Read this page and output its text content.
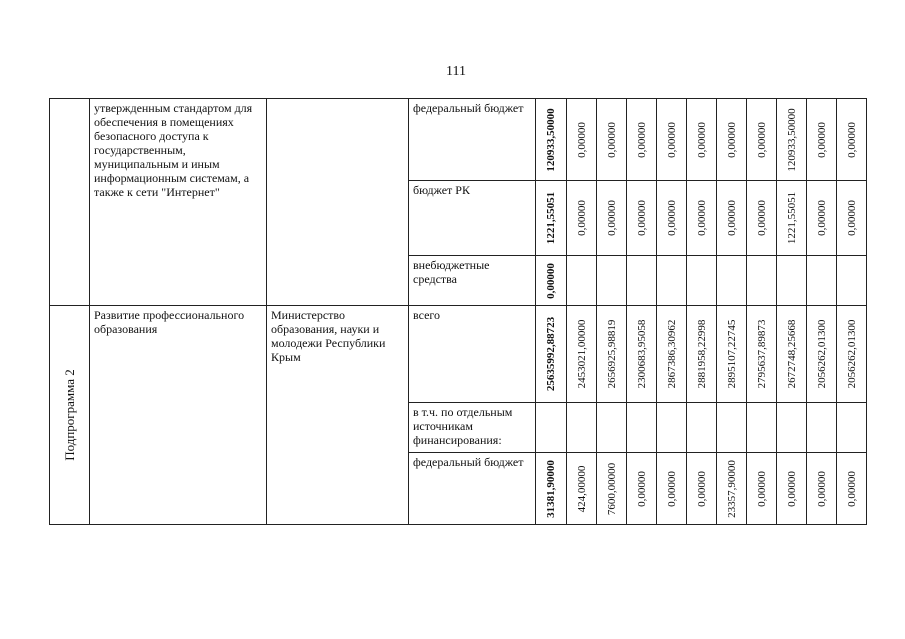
111
	утвержденным стандартом для обеспечения в помещениях безопасного доступа к государственным, муниципальным и иным информационным системам, а также к сети "Интернет"		федеральный бюджет	120933,50000	0,00000	0,00000	0,00000	0,00000	0,00000	0,00000	0,00000	120933,50000	0,00000	0,00000

			бюджет РК	1221,55051	0,00000	0,00000	0,00000	0,00000	0,00000	0,00000	0,00000	1221,55051	0,00000	0,00000

			внебюджетные средства	0,00000										

Подпрограмма 2	Развитие профессионального образования	Министерство образования, науки и молодежи Республики Крым	всего	25635992,88723	2453021,00000	2656925,98819	2300683,95058	2867386,30962	2881958,22998	2895107,22745	2795637,89873	2672748,25668	2056262,01300	2056262,01300

			в т.ч. по отдельным источникам финансирования:											
			федеральный бюджет	31381,90000	424,00000	7600,00000	0,00000	0,00000	0,00000	23357,90000	0,00000	0,00000	0,00000	0,00000
